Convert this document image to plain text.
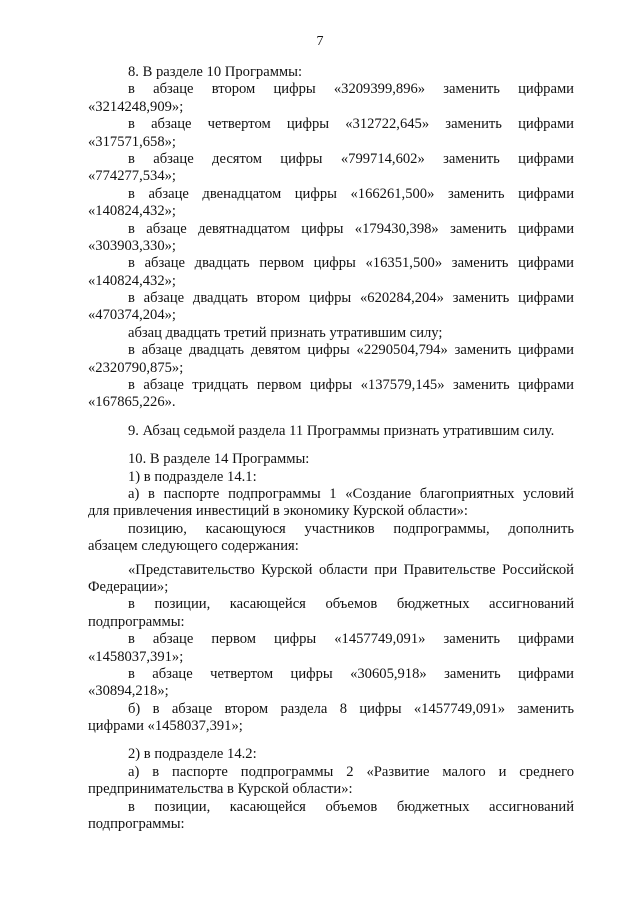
7
8. В разделе 10 Программы:
в абзаце втором цифры «3209399,896» заменить цифрами
«3214248,909»;
в абзаце четвертом цифры «312722,645» заменить цифрами
«317571,658»;
в абзаце десятом цифры «799714,602» заменить цифрами
«774277,534»;
в абзаце двенадцатом цифры «166261,500» заменить цифрами
«140824,432»;
в абзаце девятнадцатом цифры «179430,398» заменить цифрами
«303903,330»;
в абзаце двадцать первом цифры «16351,500» заменить цифрами
«140824,432»;
в абзаце двадцать втором цифры «620284,204» заменить цифрами
«470374,204»;
абзац двадцать третий признать утратившим силу;
в абзаце двадцать девятом цифры «2290504,794» заменить цифрами
«2320790,875»;
в абзаце тридцать первом цифры «137579,145» заменить цифрами
«167865,226».
9. Абзац седьмой раздела 11 Программы признать утратившим силу.
10. В разделе 14 Программы:
1) в подразделе 14.1:
а) в паспорте подпрограммы 1 «Создание благоприятных условий
для привлечения инвестиций в экономику Курской области»:
позицию, касающуюся участников подпрограммы, дополнить
абзацем следующего содержания:
«Представительство Курской области при Правительстве Российской
Федерации»;
в позиции, касающейся объемов бюджетных ассигнований
подпрограммы:
в абзаце первом цифры «1457749,091» заменить цифрами
«1458037,391»;
в абзаце четвертом цифры «30605,918» заменить цифрами
«30894,218»;
б) в абзаце втором раздела 8 цифры «1457749,091» заменить
цифрами «1458037,391»;
2) в подразделе 14.2:
а) в паспорте подпрограммы 2 «Развитие малого и среднего
предпринимательства в Курской области»:
в позиции, касающейся объемов бюджетных ассигнований
подпрограммы:
